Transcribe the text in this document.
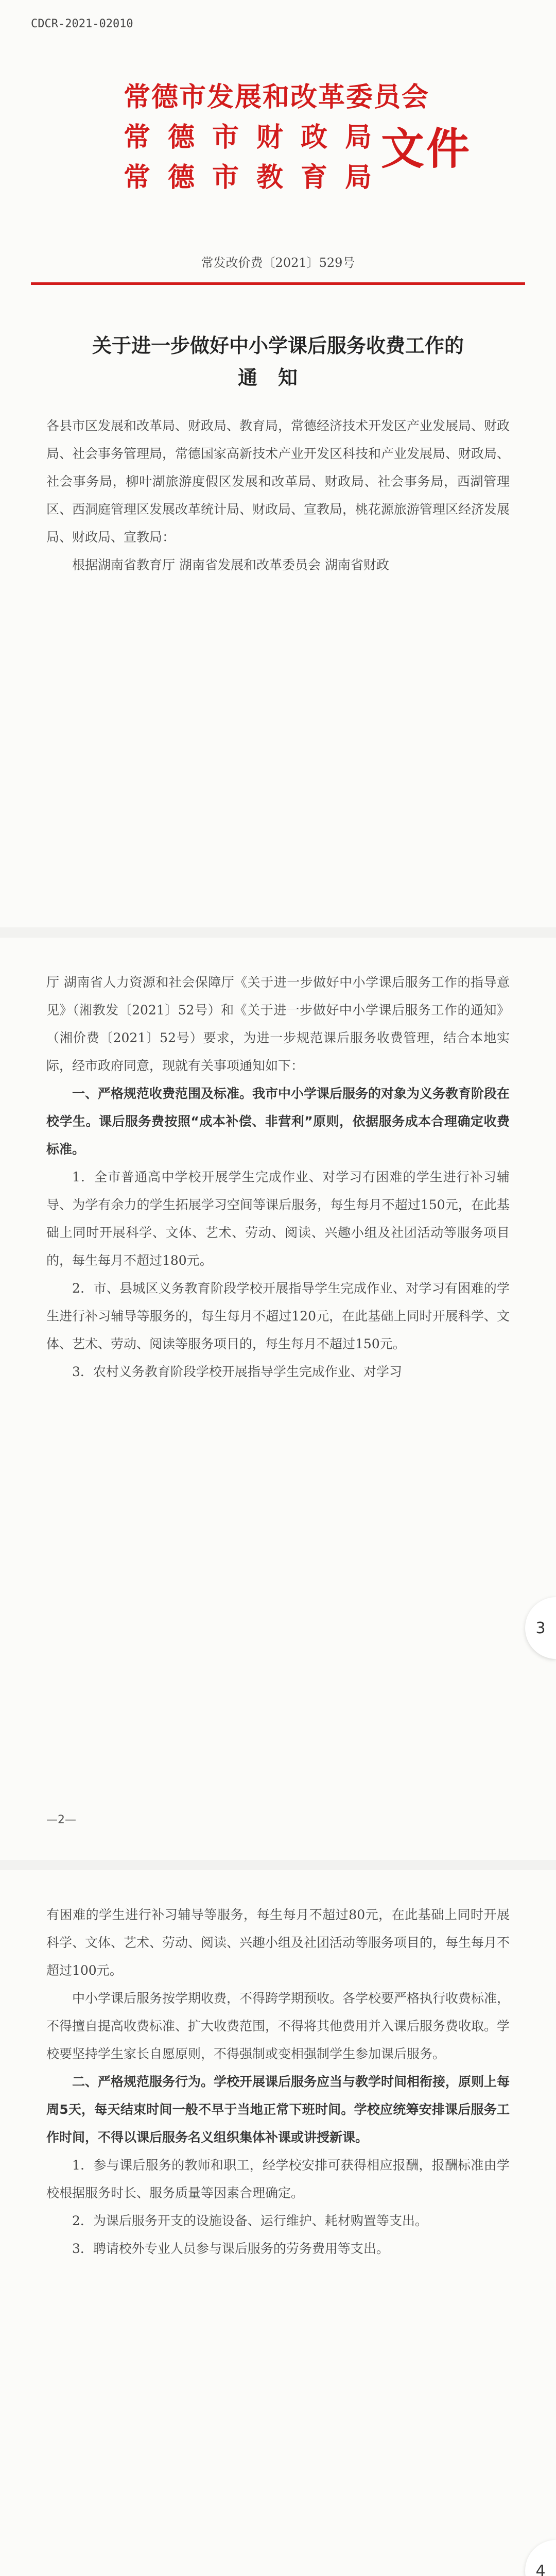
CDCR-2021-02010
常德市发展和改革委员会
常德市财政局
常德市教育局
文件
常发改价费〔2021〕529号
关于进一步做好中小学课后服务收费工作的
通知

各县市区发展和改革局、财政局、教育局，常德经济技术开发区产业发展局、财政局、社会事务管理局，常德国家高新技术产业开发区科技和产业发展局、财政局、社会事务局，柳叶湖旅游度假区发展和改革局、财政局、社会事务局，西湖管理区、西洞庭管理区发展改革统计局、财政局、宣教局，桃花源旅游管理区经济发展局、财政局、宣教局：

根据湖南省教育厅 湖南省发展和改革委员会 湖南省财政

厅 湖南省人力资源和社会保障厅《关于进一步做好中小学课后服务工作的指导意见》（湘教发〔2021〕52号）和《关于进一步做好中小学课后服务工作的通知》（湘价费〔2021〕52号）要求，为进一步规范课后服务收费管理，结合本地实际，经市政府同意，现就有关事项通知如下：

一、严格规范收费范围及标准。我市中小学课后服务的对象为义务教育阶段在校学生。课后服务费按照“成本补偿、非营利”原则，依据服务成本合理确定收费标准。

1．全市普通高中学校开展学生完成作业、对学习有困难的学生进行补习辅导、为学有余力的学生拓展学习空间等课后服务，每生每月不超过150元，在此基础上同时开展科学、文体、艺术、劳动、阅读、兴趣小组及社团活动等服务项目的，每生每月不超过180元。

2．市、县城区义务教育阶段学校开展指导学生完成作业、对学习有困难的学生进行补习辅导等服务的，每生每月不超过120元，在此基础上同时开展科学、文体、艺术、劳动、阅读等服务项目的，每生每月不超过150元。

3．农村义务教育阶段学校开展指导学生完成作业、对学习

—2—

有困难的学生进行补习辅导等服务，每生每月不超过80元，在此基础上同时开展科学、文体、艺术、劳动、阅读、兴趣小组及社团活动等服务项目的，每生每月不超过100元。

中小学课后服务按学期收费，不得跨学期预收。各学校要严格执行收费标准，不得擅自提高收费标准、扩大收费范围，不得将其他费用并入课后服务费收取。学校要坚持学生家长自愿原则，不得强制或变相强制学生参加课后服务。

二、严格规范服务行为。学校开展课后服务应当与教学时间相衔接，原则上每周5天，每天结束时间一般不早于当地正常下班时间。学校应统筹安排课后服务工作时间，不得以课后服务名义组织集体补课或讲授新课。

1．参与课后服务的教师和职工，经学校安排可获得相应报酬，报酬标准由学校根据服务时长、服务质量等因素合理确定。

2．为课后服务开支的设施设备、运行维护、耗材购置等支出。

3．聘请校外专业人员参与课后服务的劳务费用等支出。

3
4
